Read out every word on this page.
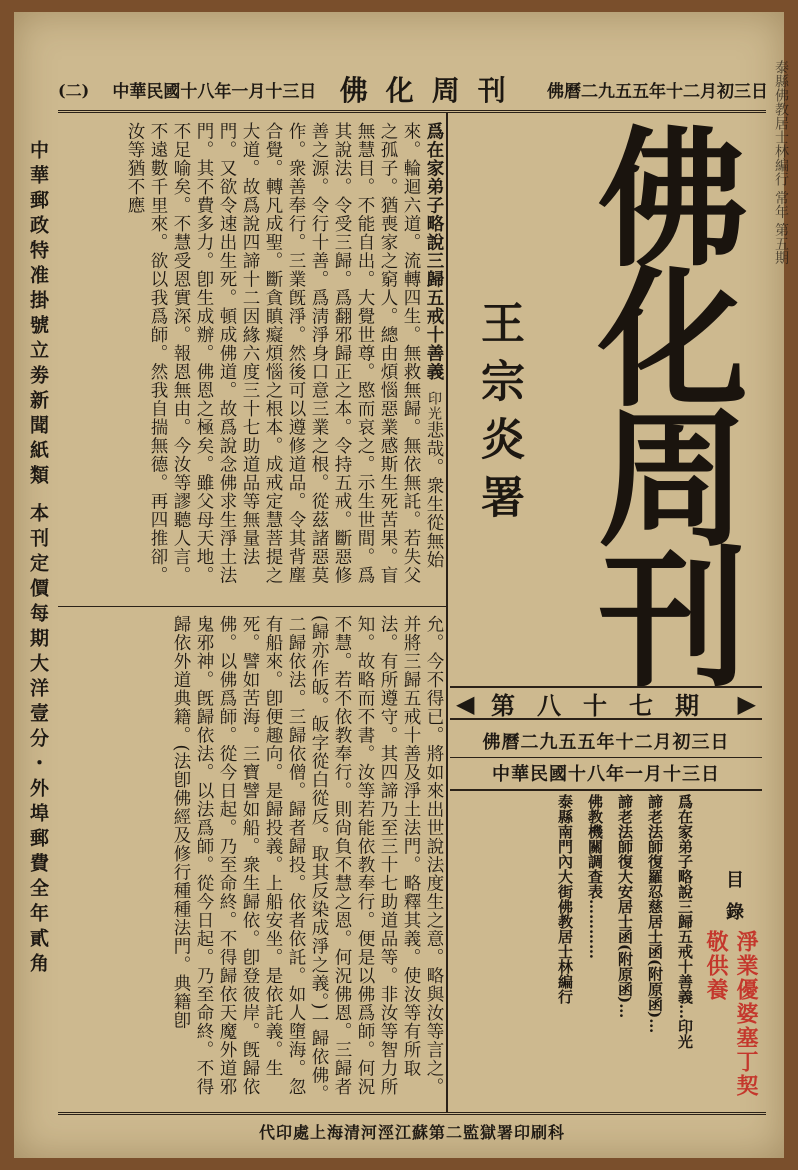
(二) 中華民國十八年一月十三日 佛化周刊 佛曆二九五五年十二月初三日
中華郵政特准掛號立劵新聞紙類 本刊定價每期大洋壹分・外埠郵費全年貳角
泰縣佛教居士林編行 常年 第五期
爲在家弟子略說三歸五戒十善義印光悲哉。衆生從無始來。輪迴六道。流轉四生。無救無歸。無依無託。若失父之孤子。猶喪家之窮人。總由煩惱惡業感斯生死苦果。盲無慧目。不能自出。大覺世尊。愍而哀之。示生世間。爲其說法。令受三歸。爲翻邪歸正之本。令持五戒。斷惡修善之源。令行十善。爲淸淨身口意三業之根。從茲諸惡莫作。衆善奉行。三業旣淨。然後可以遵修道品。令其背塵合覺。轉凡成聖。斷貪瞋癡煩惱之根本。成戒定慧菩提之大道。故爲說四諦十二因緣六度三十七助道品等無量法門。又欲令速出生死。頓成佛道。故爲說念佛求生淨土法門。其不費多力。卽生成辦。佛恩之極矣。雖父母天地。不足喻矣。不慧受恩實深。報恩無由。今汝等謬聽人言。不遠數千里來。欲以我爲師。然我自揣無德。再四推卻。汝等猶不應
允。今不得已。將如來出世說法度生之意。略與汝等言之。并將三歸五戒十善及淨土法門。略釋其義。使汝等有所取法。有所遵守。其四諦乃至三十七助道品等。非汝等智力所知。故略而不書。汝等若能依教奉行。便是以佛爲師。何況不慧。若不依教奉行。則尙負不慧之恩。何況佛恩。三歸者(歸亦作皈。皈字從白從反。取其反染成淨之義。)一歸依佛。二歸依法。三歸依僧。歸者歸投。依者依託。如人墮海。忽有船來。卽便趣向。是歸投義。上船安坐。是依託義。生死。譬如苦海。三寶譬如船。衆生歸依。卽登彼岸。旣歸依佛。以佛爲師。從今日起。乃至命終。不得歸依天魔外道邪鬼邪神。旣歸依法。以法爲師。從今日起。乃至命終。不得歸依外道典籍。(法卽佛經及修行種種法門。典籍卽
佛化周刊
王宗炎署
◀ 第八十七期 ▶
佛曆二九五五年十二月初三日
中華民國十八年一月十三日
目錄
爲在家弟子略說三歸五戒十善義…印光
諦老法師復羅忍慈居士函(附原函)…
諦老法師復大安居士函(附原函)…
佛教機關調査表…………
泰縣南門內大街佛教居士林編行
淨業優婆塞丁契敬供養
代印處上海清河涇江蘇第二監獄署印刷科
